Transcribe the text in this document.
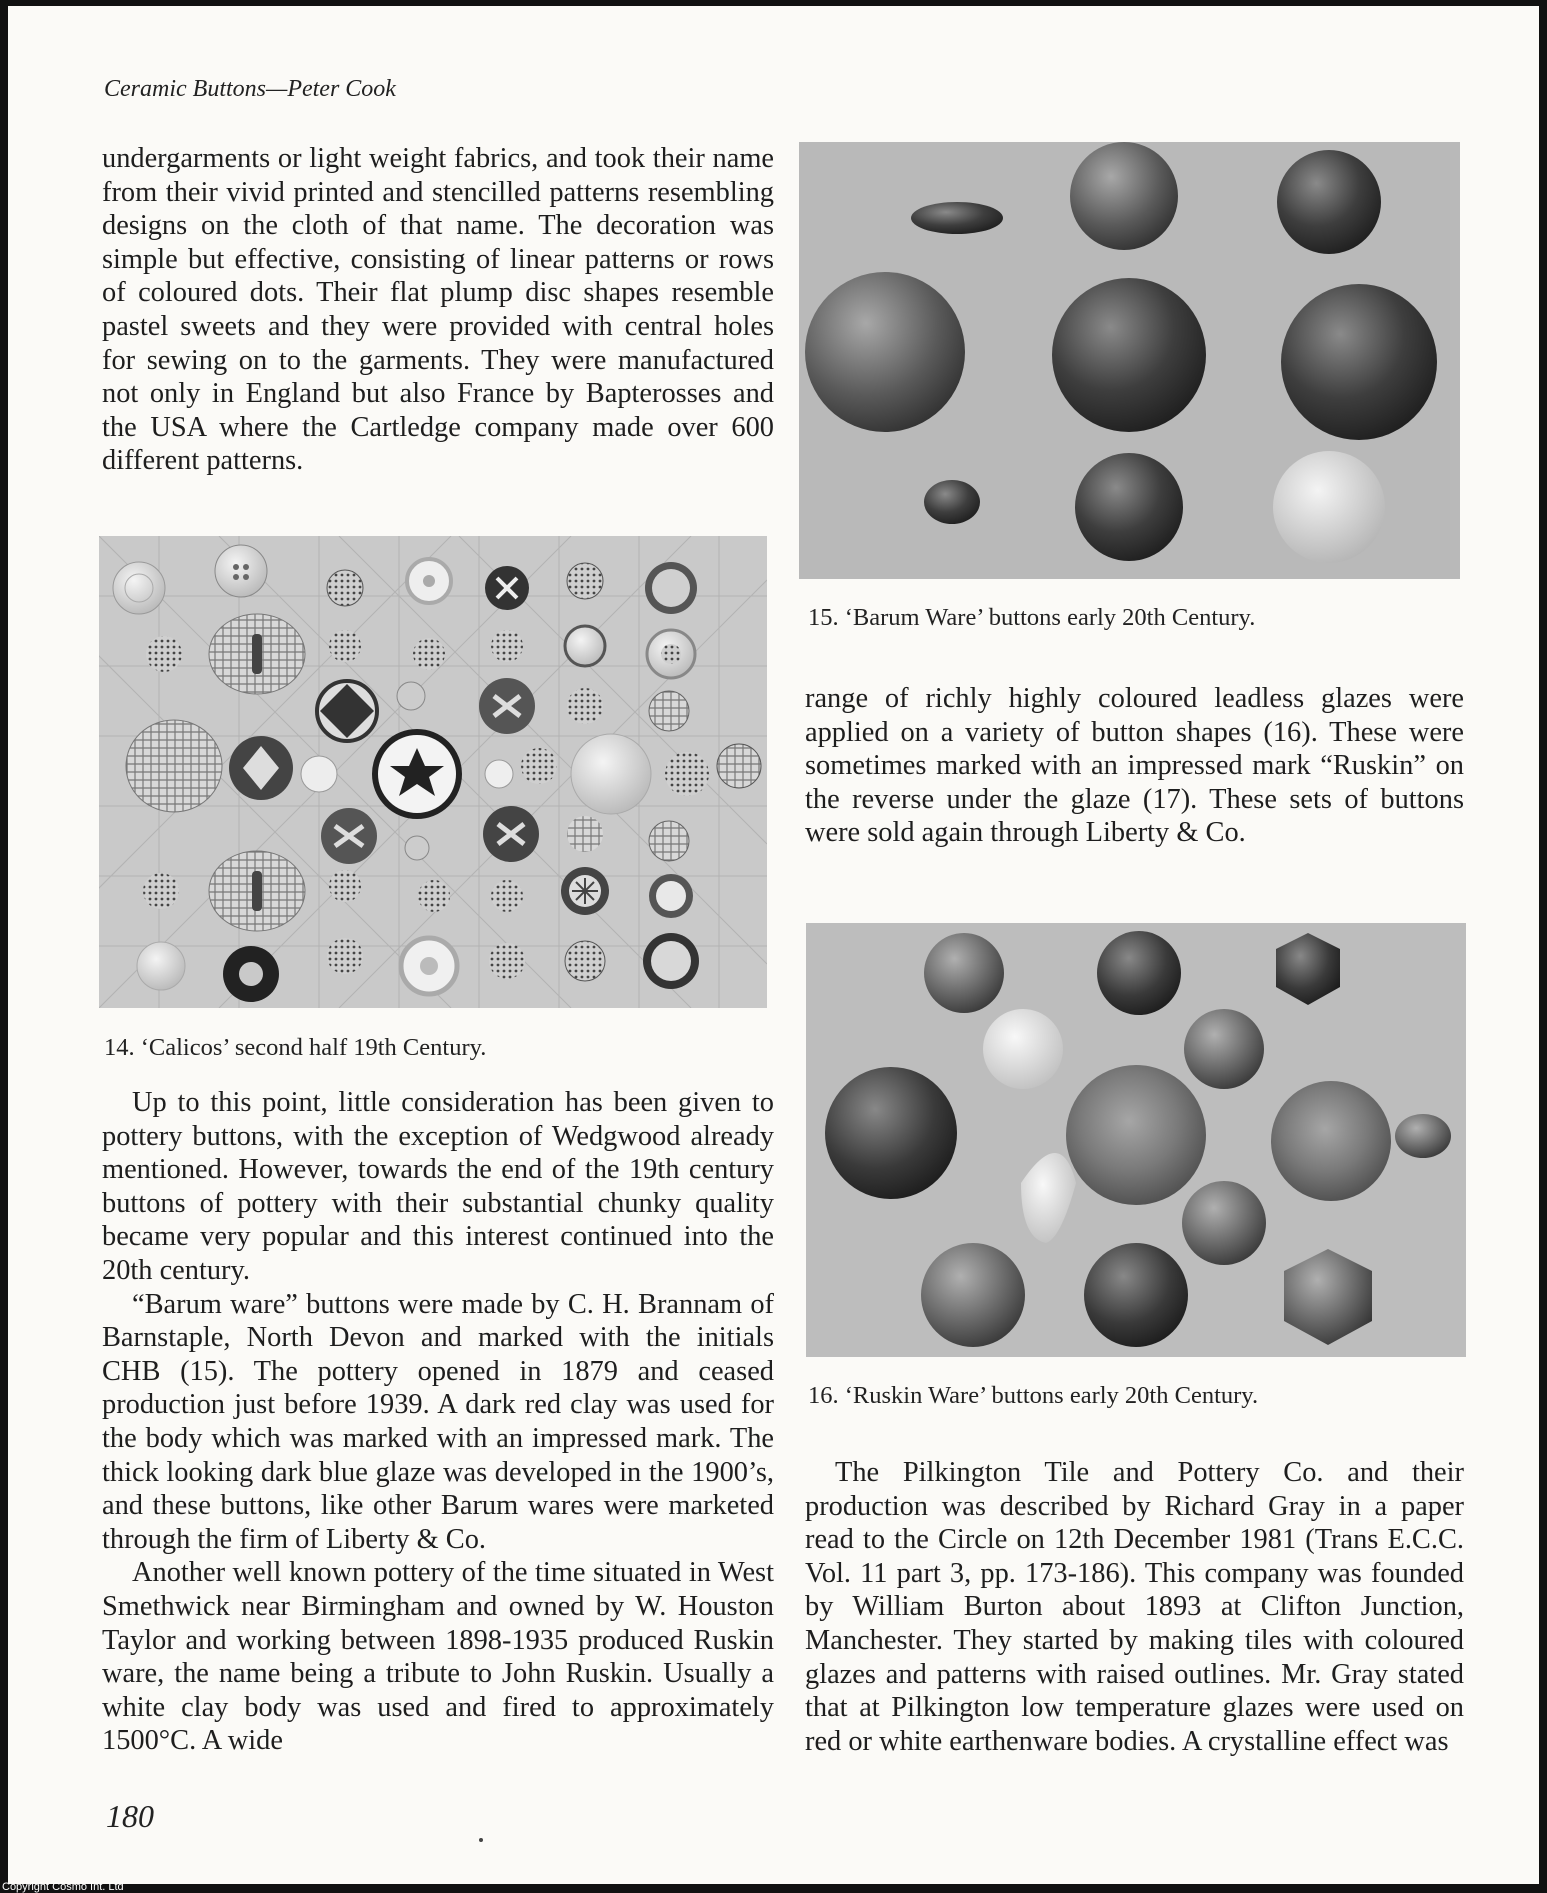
Ceramic Buttons—Peter Cook

undergarments or light weight fabrics, and took their name from their vivid printed and stencilled patterns resembling designs on the cloth of that name. The decoration was simple but effective, consisting of linear patterns or rows of coloured dots. Their flat plump disc shapes resemble pastel sweets and they were provided with central holes for sewing on to the garments. They were manufactured not only in England but also France by Bapterosses and the USA where the Cartledge company made over 600 different patterns.

14. ‘Calicos’ second half 19th Century.

Up to this point, little consideration has been given to pottery buttons, with the exception of Wedgwood already mentioned. However, towards the end of the 19th century buttons of pottery with their substantial chunky quality became very popular and this interest continued into the 20th century.

“Barum ware” buttons were made by C. H. Brannam of Barnstaple, North Devon and marked with the initials CHB (15). The pottery opened in 1879 and ceased production just before 1939. A dark red clay was used for the body which was marked with an impressed mark. The thick looking dark blue glaze was developed in the 1900’s, and these buttons, like other Barum wares were marketed through the firm of Liberty & Co.

Another well known pottery of the time situated in West Smethwick near Birmingham and owned by W. Houston Taylor and working between 1898-1935 produced Ruskin ware, the name being a tribute to John Ruskin. Usually a white clay body was used and fired to approximately 1500°C. A wide

15. ‘Barum Ware’ buttons early 20th Century.

range of richly highly coloured leadless glazes were applied on a variety of button shapes (16). These were sometimes marked with an impressed mark “Ruskin” on the reverse under the glaze (17). These sets of buttons were sold again through Liberty & Co.

16. ‘Ruskin Ware’ buttons early 20th Century.

The Pilkington Tile and Pottery Co. and their production was described by Richard Gray in a paper read to the Circle on 12th December 1981 (Trans E.C.C. Vol. 11 part 3, pp. 173-186). This company was founded by William Burton about 1893 at Clifton Junction, Manchester. They started by making tiles with coloured glazes and patterns with raised outlines. Mr. Gray stated that at Pilkington low temperature glazes were used on red or white earthenware bodies. A crystalline effect was

180
Copyright Cosmo Int. Ltd
